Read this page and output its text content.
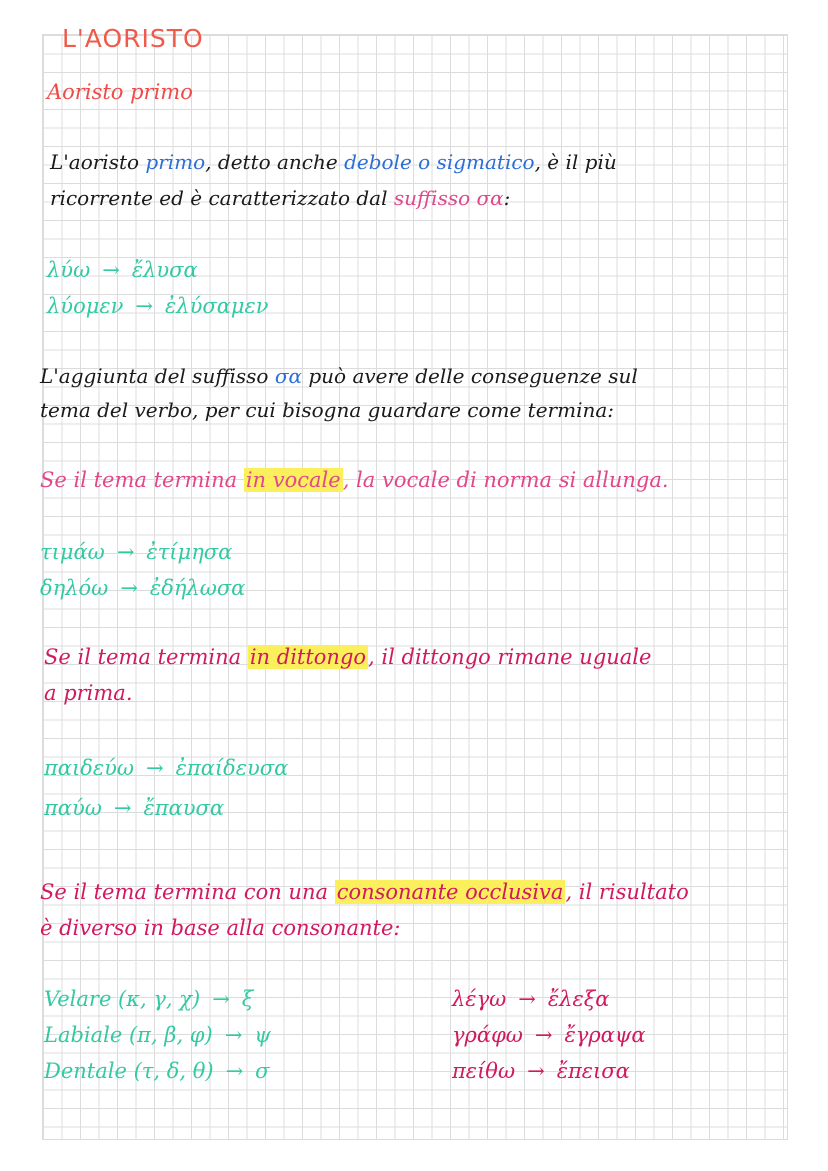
L'AORISTO
Aoristo primo
L'aoristo primo, detto anche debole o sigmatico, è il più
ricorrente ed è caratterizzato dal suffisso σα:
λύω → ἔλυσα
λύομεν → ἐλύσαμεν
L'aggiunta del suffisso σα può avere delle conseguenze sul
tema del verbo, per cui bisogna guardare come termina:
Se il tema termina in vocale, la vocale di norma si allunga.
τιμάω → ἐτίμησα
δηλόω → ἐδήλωσα
Se il tema termina in dittongo, il dittongo rimane uguale
a prima.
παιδεύω → ἐπαίδευσα
παύω → ἔπαυσα
Se il tema termina con una consonante occlusiva, il risultato
è diverso in base alla consonante:
Velare (κ, γ, χ) → ξ
Labiale (π, β, φ) → ψ
Dentale (τ, δ, θ) → σ
λέγω → ἔλεξα
γράφω → ἔγραψα
πείθω → ἔπεισα
